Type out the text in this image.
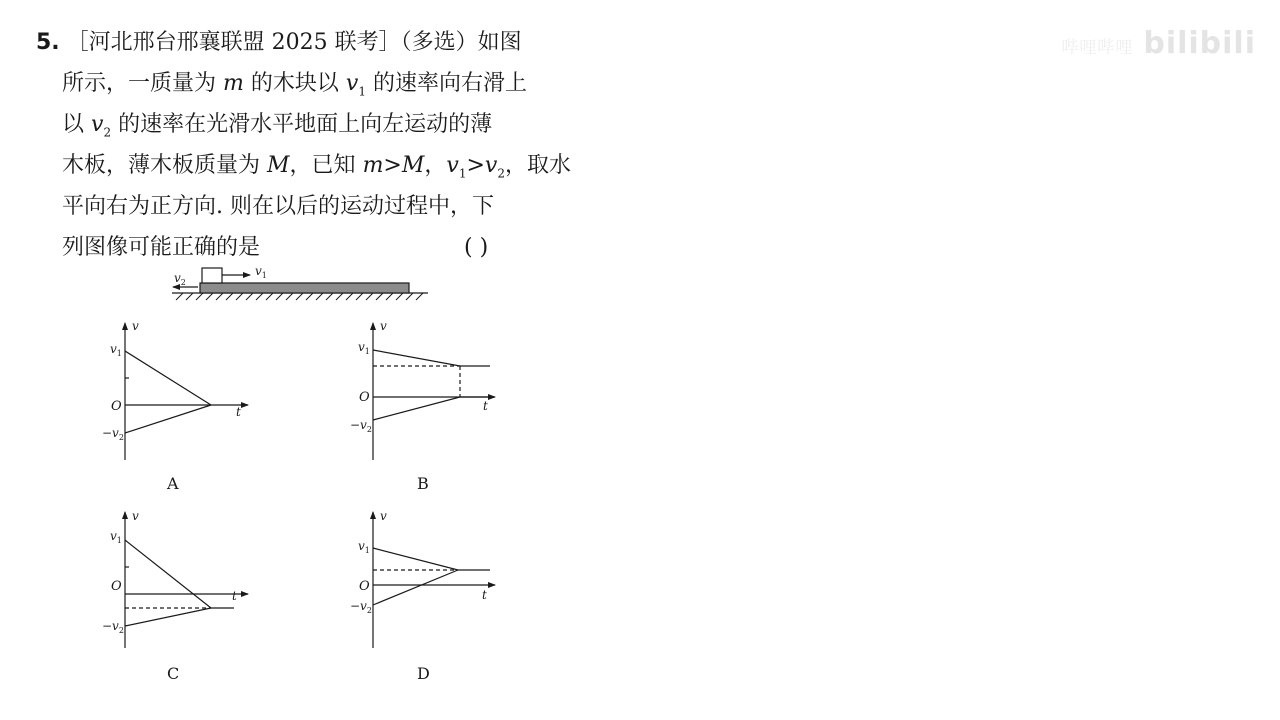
5. ［河北邢台邢襄联盟 2025 联考］（多选）如图
所示，一质量为 m 的木块以 $v_1$ 的速率向右滑上
以 $v_2$ 的速率在光滑水平地面上向左运动的薄
木板，薄木板质量为 M，已知 m>M，$v_1>v_2$，取水
平向右为正方向. 则在以后的运动过程中，下
列图像可能正确的是	( )
哔哩哔哩 bilibili
$v_2$
$v_1$
v
t
O
$v_1$
$-v_2$
A
v
t
O
$v_1$
$-v_2$
B
v
t
O
$v_1$
$-v_2$
C
v
t
O
$v_1$
$-v_2$
D
